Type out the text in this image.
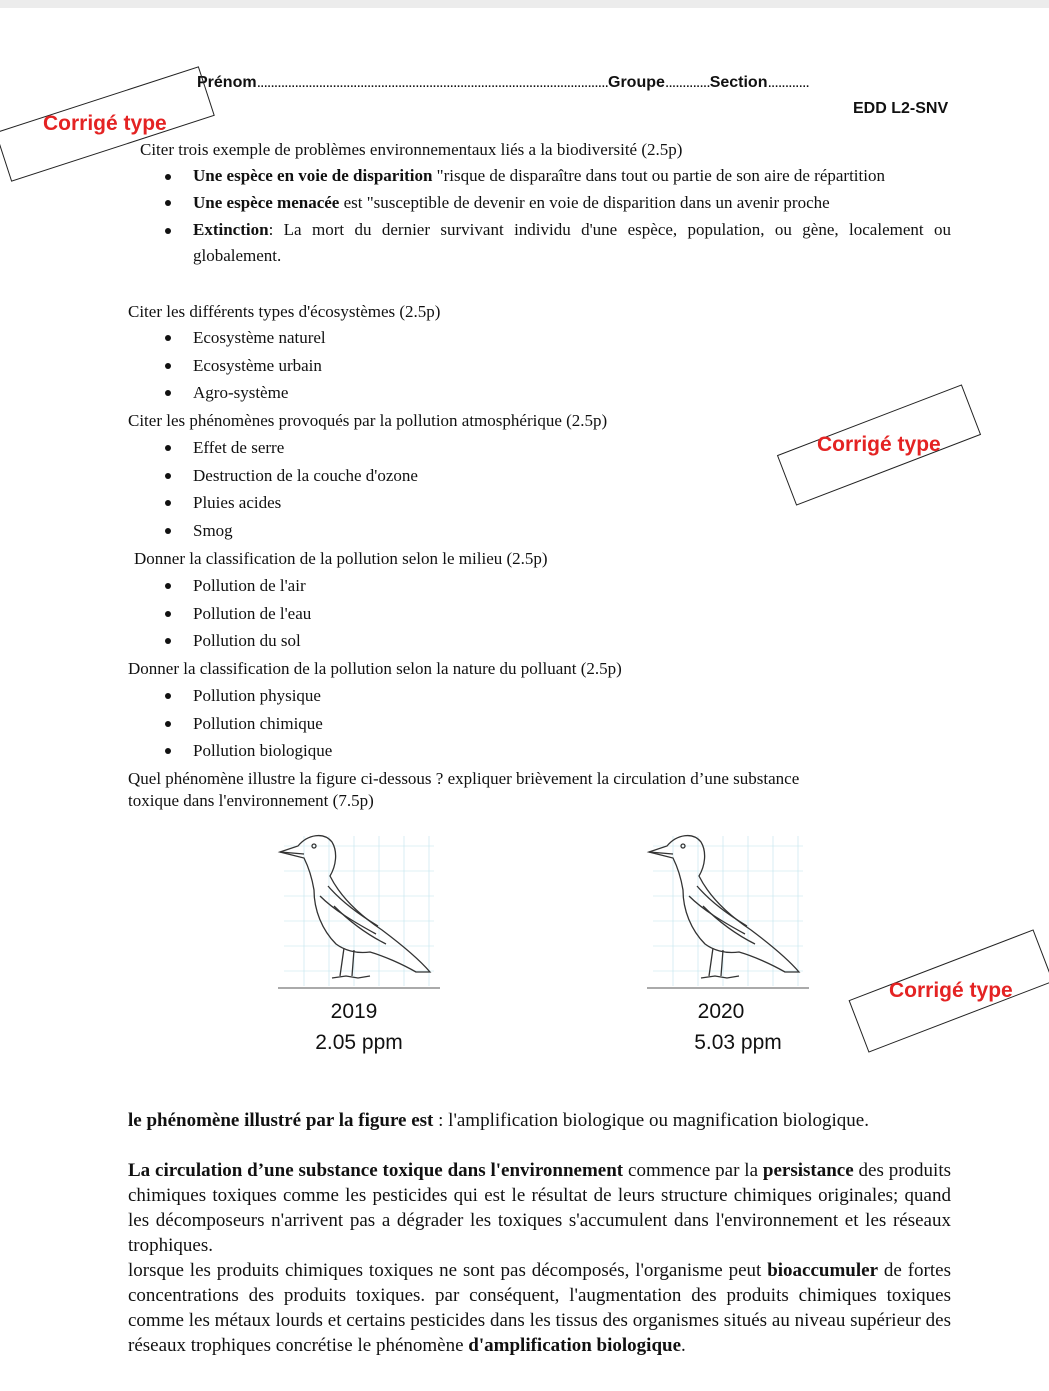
Prénom......................................................................................................Groupe.............Section............
EDD L2-SNV
Corrigé type
Corrigé type
Corrigé type
Citer trois exemple de problèmes environnementaux liés a la biodiversité (2.5p)
Une espèce en voie de disparition "risque de disparaître dans tout ou partie de son aire de répartition
Une espèce menacée est "susceptible de devenir en voie de disparition dans un avenir proche
Extinction: La mort du dernier survivant individu d'une espèce, population, ou gène, localement ou globalement.
Citer les différents types d'écosystèmes (2.5p)
Ecosystème naturel
Ecosystème urbain
Agro-système
Citer les phénomènes provoqués par la pollution atmosphérique (2.5p)
Effet de serre
Destruction de la couche d'ozone
Pluies acides
Smog
Donner la classification de la pollution selon le milieu (2.5p)
Pollution de l'air
Pollution de l'eau
Pollution du sol
Donner la classification de la pollution selon la nature du polluant (2.5p)
Pollution physique
Pollution chimique
Pollution biologique
Quel phénomène illustre la figure ci-dessous ? expliquer brièvement la circulation d’une substance
toxique dans l'environnement (7.5p)
2019
2.05 ppm
2020
5.03 ppm
le phénomène illustré par la figure est : l'amplification biologique ou magnification biologique.
La circulation d’une substance toxique dans l'environnement commence par la persistance des produits chimiques toxiques comme les pesticides qui est le résultat de leurs structure chimiques originales; quand les décomposeurs n'arrivent pas a dégrader les toxiques s'accumulent dans l'environnement et les réseaux trophiques.
lorsque les produits chimiques toxiques ne sont pas décomposés, l'organisme peut bioaccumuler de fortes concentrations des produits toxiques. par conséquent, l'augmentation des produits chimiques toxiques comme les métaux lourds et certains pesticides dans les tissus des organismes situés au niveau supérieur des réseaux trophiques concrétise le phénomène d'amplification biologique.
